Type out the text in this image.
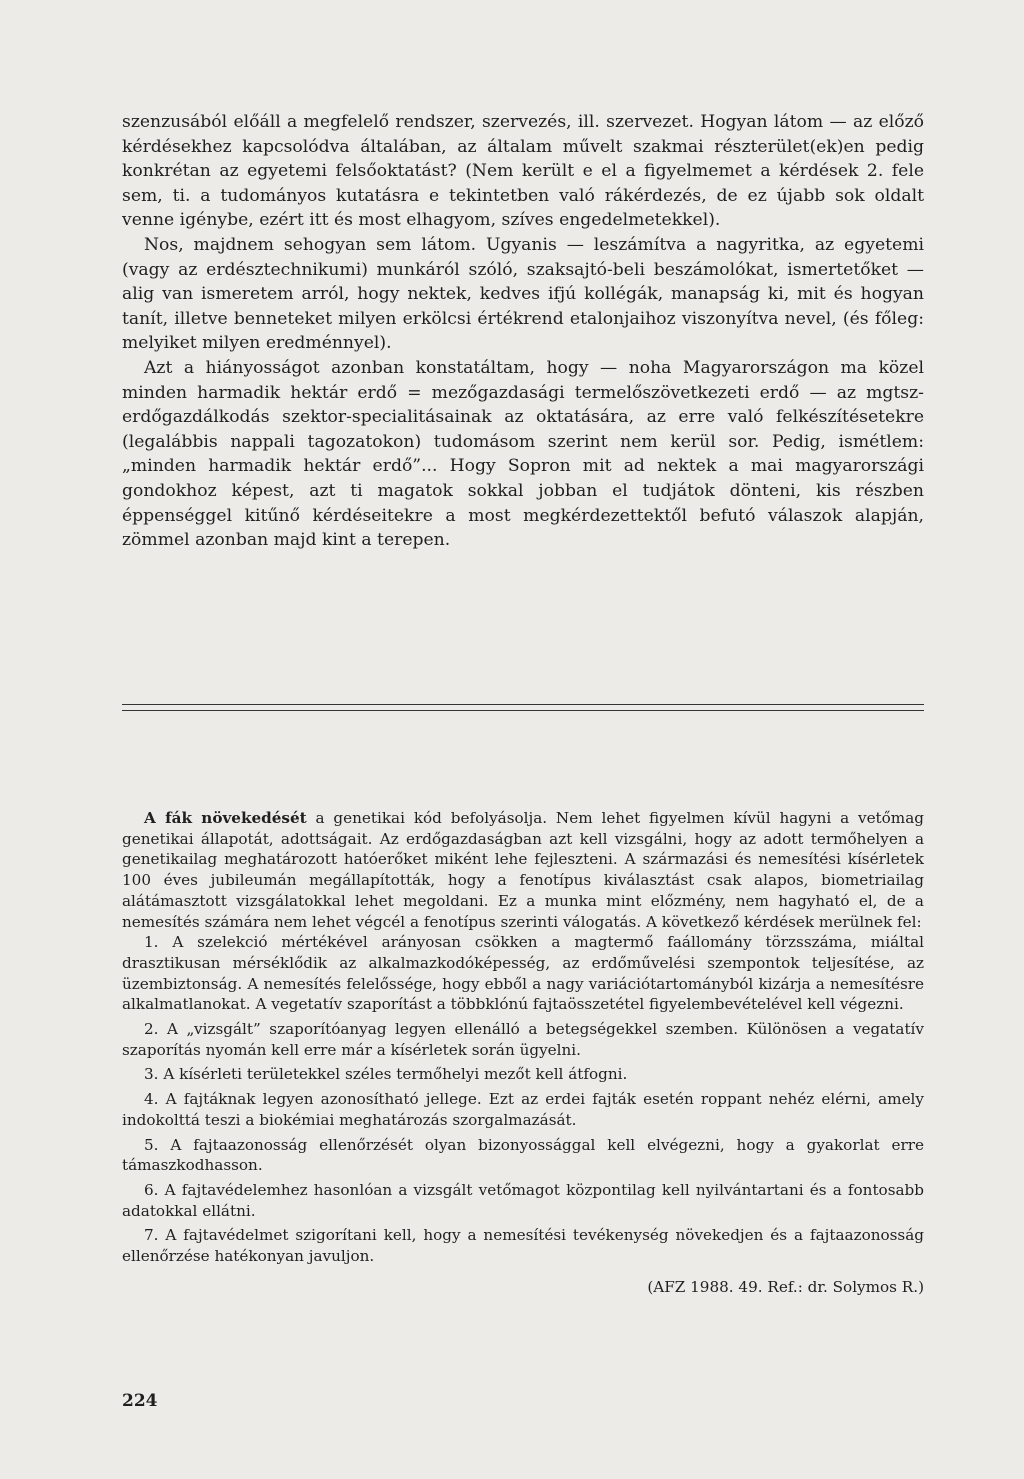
szenzusából előáll a megfelelő rendszer, szervezés, ill. szervezet. Hogyan látom — az előző kérdésekhez kapcsolódva általában, az általam művelt szakmai részterület(ek)en pedig konkrétan az egyetemi felsőoktatást? (Nem került e el a figyelmemet a kérdések 2. fele sem, ti. a tudományos kutatásra e tekintetben való rákérdezés, de ez újabb sok oldalt venne igénybe, ezért itt és most elhagyom, szíves engedelmetekkel).

Nos, majdnem sehogyan sem látom. Ugyanis — leszámítva a nagyritka, az egyetemi (vagy az erdésztechnikumi) munkáról szóló, szaksajtó-beli beszámolókat, ismertetőket —alig van ismeretem arról, hogy nektek, kedves ifjú kollégák, manapság ki, mit és hogyan tanít, illetve benneteket milyen erkölcsi értékrend etalonjaihoz viszonyítva nevel, (és főleg: melyiket milyen eredménnyel).

Azt a hiányosságot azonban konstatáltam, hogy — noha Magyarországon ma közel minden harmadik hektár erdő = mezőgazdasági termelőszövetkezeti erdő — az mgtsz-erdőgazdálkodás szektor-specialitásainak az oktatására, az erre való felkészítésetekre (legalábbis nappali tagozatokon) tudomásom szerint nem kerül sor. Pedig, ismétlem: „minden harmadik hektár erdő”... Hogy Sopron mit ad nektek a mai magyarországi gondokhoz képest, azt ti magatok sokkal jobban el tudjátok dönteni, kis részben éppenséggel kitűnő kérdéseitekre a most megkérdezettektől befutó válaszok alapján, zömmel azonban majd kint a terepen.

A fák növekedését a genetikai kód befolyásolja. Nem lehet figyelmen kívül hagyni a vetőmag genetikai állapotát, adottságait. Az erdőgazdaságban azt kell vizsgálni, hogy az adott termőhelyen a genetikailag meghatározott hatóerőket miként lehe fejleszteni. A származási és nemesítési kísérletek 100 éves jubileumán megállapították, hogy a fenotípus kiválasztást csak alapos, biometriailag alátámasztott vizsgálatokkal lehet megoldani. Ez a munka mint előzmény, nem hagyható el, de a nemesítés számára nem lehet végcél a fenotípus szerinti válogatás. A következő kérdések merülnek fel:

1. A szelekció mértékével arányosan csökken a magtermő faállomány törzsszáma, miáltal drasztikusan mérséklődik az alkalmazkodóképesség, az erdőművelési szempontok teljesítése, az üzembiztonság. A nemesítés felelőssége, hogy ebből a nagy variációtartományból kizárja a nemesítésre alkalmatlanokat. A vegetatív szaporítást a többklónú fajtaösszetétel figyelembevételével kell végezni.

2. A „vizsgált” szaporítóanyag legyen ellenálló a betegségekkel szemben. Különösen a vegatatív szaporítás nyomán kell erre már a kísérletek során ügyelni.

3. A kísérleti területekkel széles termőhelyi mezőt kell átfogni.

4. A fajtáknak legyen azonosítható jellege. Ezt az erdei fajták esetén roppant nehéz elérni, amely indokolttá teszi a biokémiai meghatározás szorgalmazását.

5. A fajtaazonosság ellenőrzését olyan bizonyossággal kell elvégezni, hogy a gyakorlat erre támaszkodhasson.

6. A fajtavédelemhez hasonlóan a vizsgált vetőmagot központilag kell nyilvántartani és a fontosabb adatokkal ellátni.

7. A fajtavédelmet szigorítani kell, hogy a nemesítési tevékenység növekedjen és a fajtaazonosság ellenőrzése hatékonyan javuljon.

(AFZ 1988. 49. Ref.: dr. Solymos R.)
224
